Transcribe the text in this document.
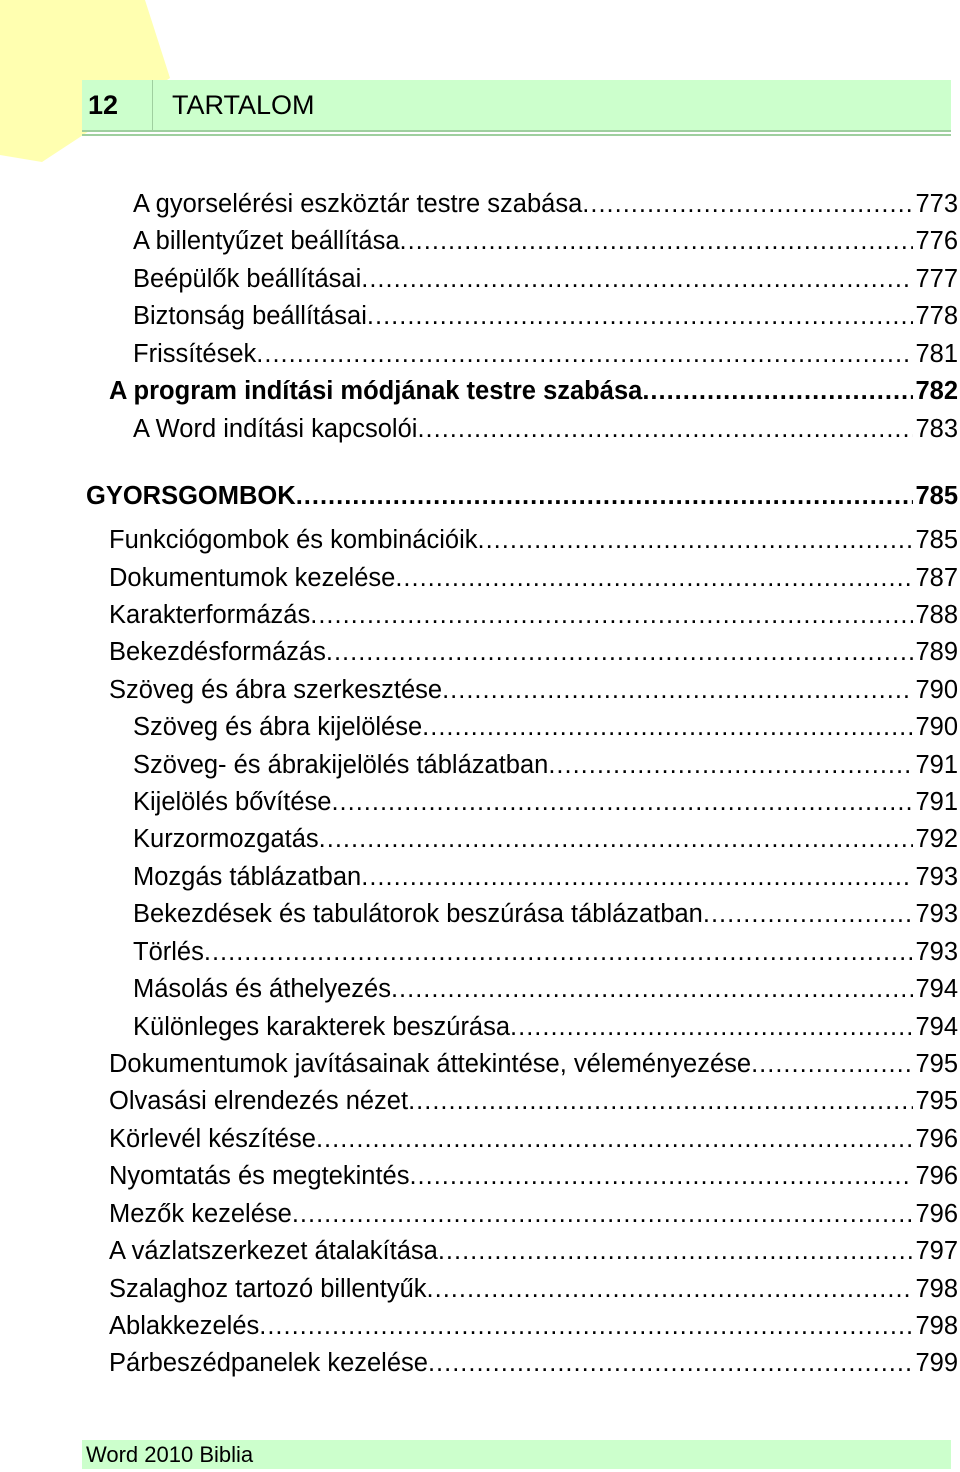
12 TARTALOM
A gyorselérési eszköztár testre szabása .....	773
A billentyűzet beállítása .....	776
Beépülők beállításai .....	777
Biztonság beállításai .....	778
Frissítések .....	781
A program indítási módjának testre szabása .....	782
A Word indítási kapcsolói .....	783
GYORSGOMBOK .....	785
Funkciógombok és kombinációik .....	785
Dokumentumok kezelése .....	787
Karakterformázás .....	788
Bekezdésformázás .....	789
Szöveg és ábra szerkesztése .....	790
Szöveg és ábra kijelölése .....	790
Szöveg- és ábrakijelölés táblázatban .....	791
Kijelölés bővítése .....	791
Kurzormozgatás .....	792
Mozgás táblázatban .....	793
Bekezdések és tabulátorok beszúrása táblázatban .....	793
Törlés .....	793
Másolás és áthelyezés .....	794
Különleges karakterek beszúrása .....	794
Dokumentumok javításainak áttekintése, véleményezése .....	795
Olvasási elrendezés nézet .....	795
Körlevél készítése .....	796
Nyomtatás és megtekintés .....	796
Mezők kezelése .....	796
A vázlatszerkezet átalakítása .....	797
Szalaghoz tartozó billentyűk .....	798
Ablakkezelés .....	798
Párbeszédpanelek kezelése .....	799
Word 2010 Biblia
